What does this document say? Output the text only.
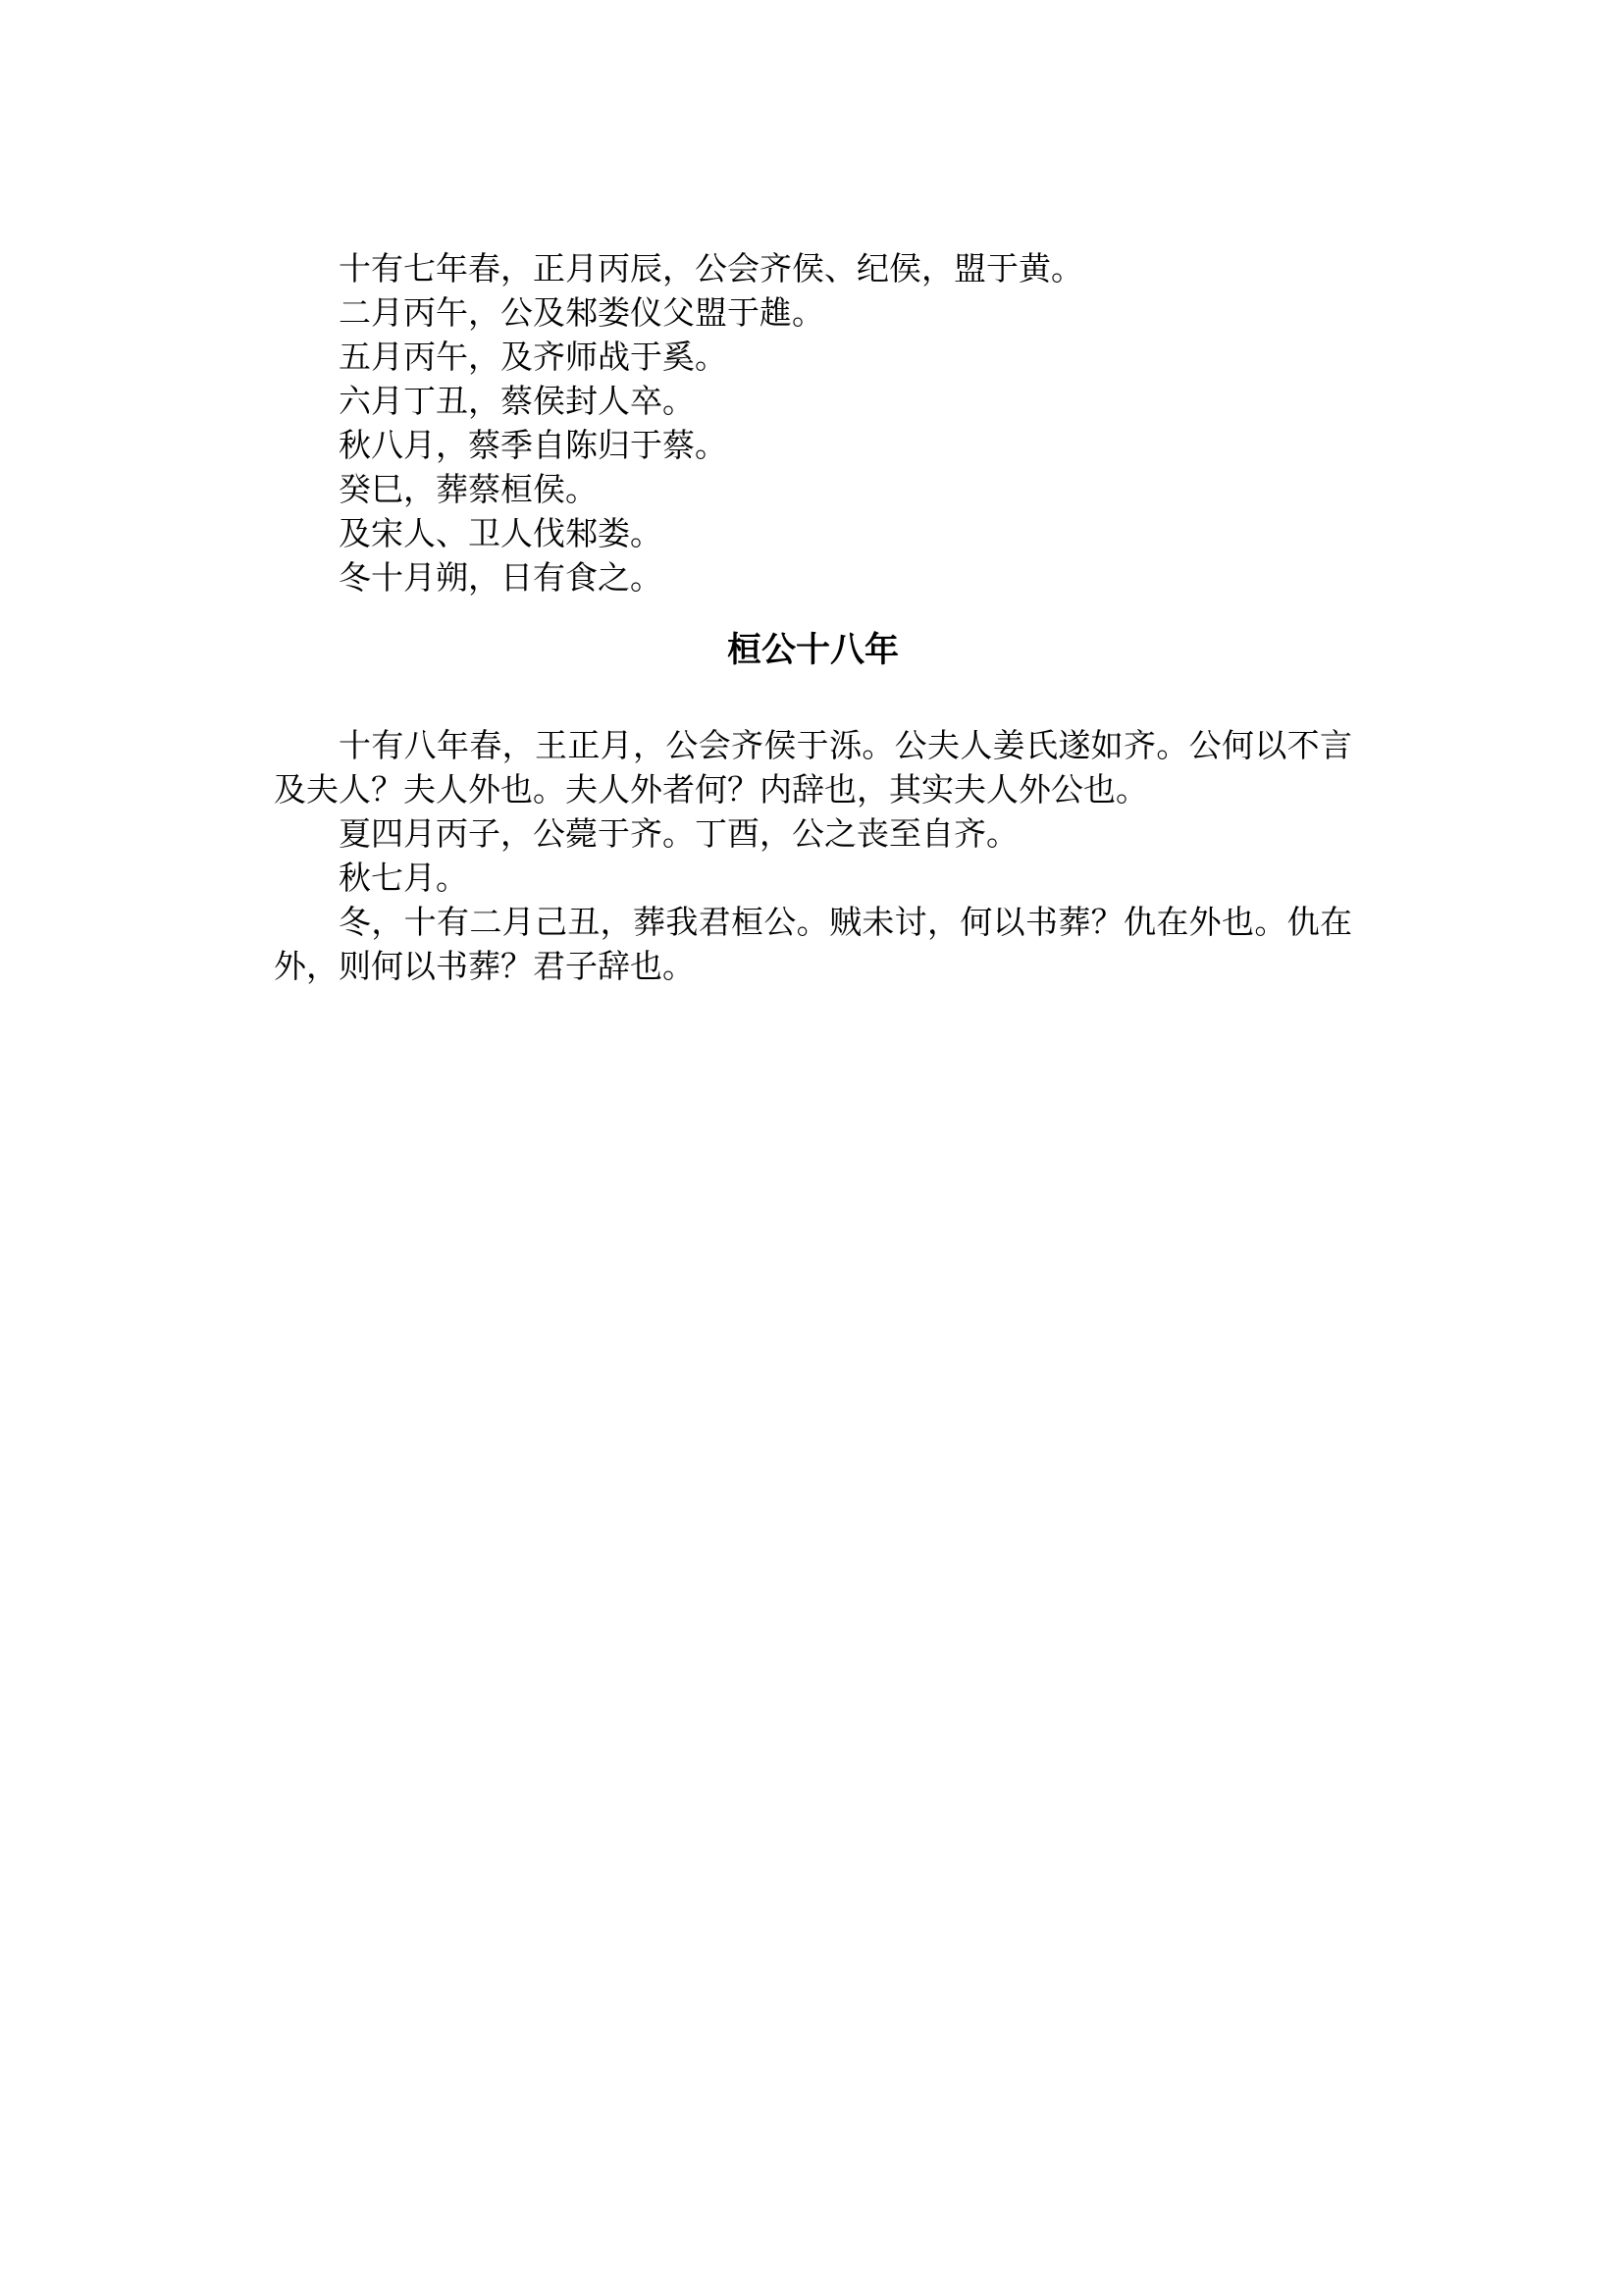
十有七年春，正月丙辰，公会齐侯、纪侯，盟于黄。

二月丙午，公及邾娄仪父盟于趡。

五月丙午，及齐师战于奚。

六月丁丑，蔡侯封人卒。

秋八月，蔡季自陈归于蔡。

癸巳，葬蔡桓侯。

及宋人、卫人伐邾娄。

冬十月朔，日有食之。

桓公十八年

十有八年春，王正月，公会齐侯于泺。公夫人姜氏遂如齐。公何以不言及夫人？夫人外也。夫人外者何？内辞也，其实夫人外公也。

夏四月丙子，公薨于齐。丁酉，公之丧至自齐。

秋七月。

冬，十有二月己丑，葬我君桓公。贼未讨，何以书葬？仇在外也。仇在外，则何以书葬？君子辞也。
